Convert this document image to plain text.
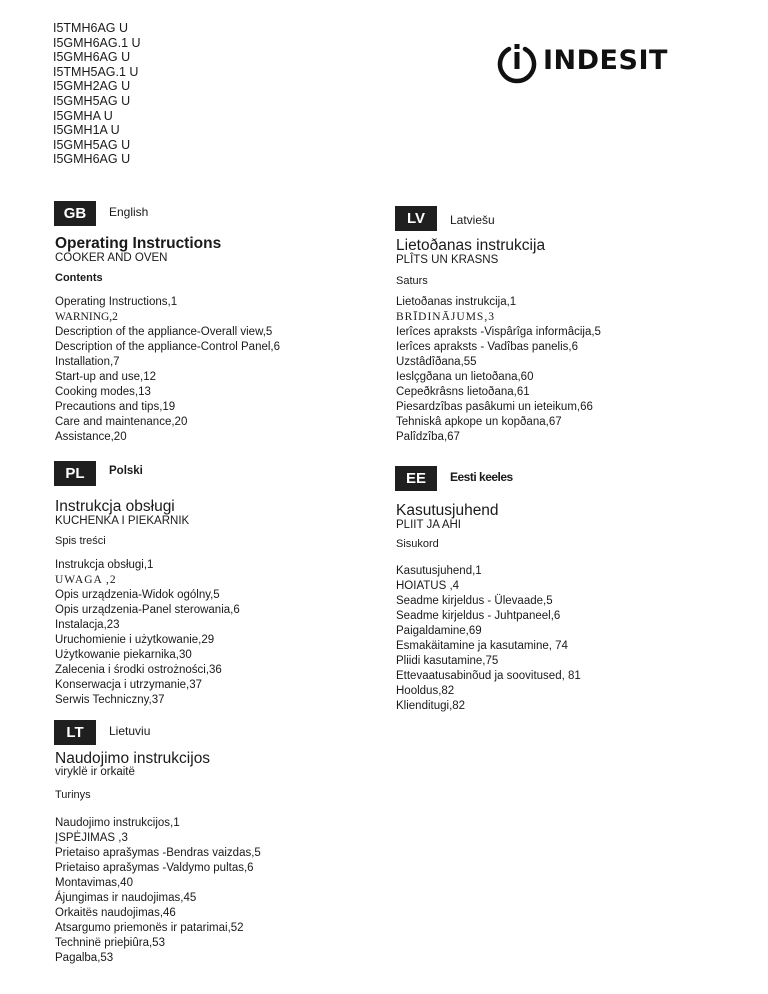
I5TMH6AG U
I5GMH6AG.1 U
I5GMH6AG U
I5TMH5AG.1 U
I5GMH2AG U
I5GMH5AG U
I5GMHA U
I5GMH1A U
I5GMH5AG U
I5GMH6AG U
INDESIT
GB	English
Operating Instructions
COOKER AND OVEN
Contents
Operating Instructions,1
WARNING,2
Description of the appliance-Overall view,5
Description of the appliance-Control Panel,6
Installation,7
Start-up and use,12
Cooking modes,13
Precautions and tips,19
Care and maintenance,20
Assistance,20
LV	Latviešu
Lietoðanas instrukcija
PLÎTS UN KRASNS
Saturs
Lietoðanas instrukcija,1
BRĪDINĀJUMS,3
Ierîces apraksts -Vispârîga informâcija,5
Ierîces apraksts - Vadîbas panelis,6
Uzstâdîðana,55
Ieslçgðana un lietoðana,60
Cepeðkrâsns lietoðana,61
Piesardzîbas pasâkumi un ieteikum,66
Tehniskâ apkope un kopðana,67
Palîdzîba,67
PL	Polski
Instrukcja obsługi
KUCHENKA I PIEKARNIK
Spis treści
Instrukcja obsługi,1
UWAGA ,2
Opis urządzenia-Widok ogólny,5
Opis urządzenia-Panel sterowania,6
Instalacja,23
Uruchomienie i użytkowanie,29
Użytkowanie piekarnika,30
Zalecenia i środki ostrożności,36
Konserwacja i utrzymanie,37
Serwis Techniczny,37
EE	Eesti keeles
Kasutusjuhend
PLIIT JA AHI
Sisukord
Kasutusjuhend,1
HOIATUS ,4
Seadme kirjeldus - Ülevaade,5
Seadme kirjeldus - Juhtpaneel,6
Paigaldamine,69
Esmakäitamine ja kasutamine, 74
Pliidi kasutamine,75
Ettevaatusabinõud ja soovitused, 81
Hooldus,82
Klienditugi,82
LT	Lietuviu
Naudojimo instrukcijos
viryklë ir orkaitë
Turinys
Naudojimo instrukcijos,1
ĮSPĖJIMAS ,3
Prietaiso aprašymas -Bendras vaizdas,5
Prietaiso aprašymas -Valdymo pultas,6
Montavimas,40
Ájungimas ir naudojimas,45
Orkaitës naudojimas,46
Atsargumo priemonës ir patarimai,52
Techninë prieþiûra,53
Pagalba,53
